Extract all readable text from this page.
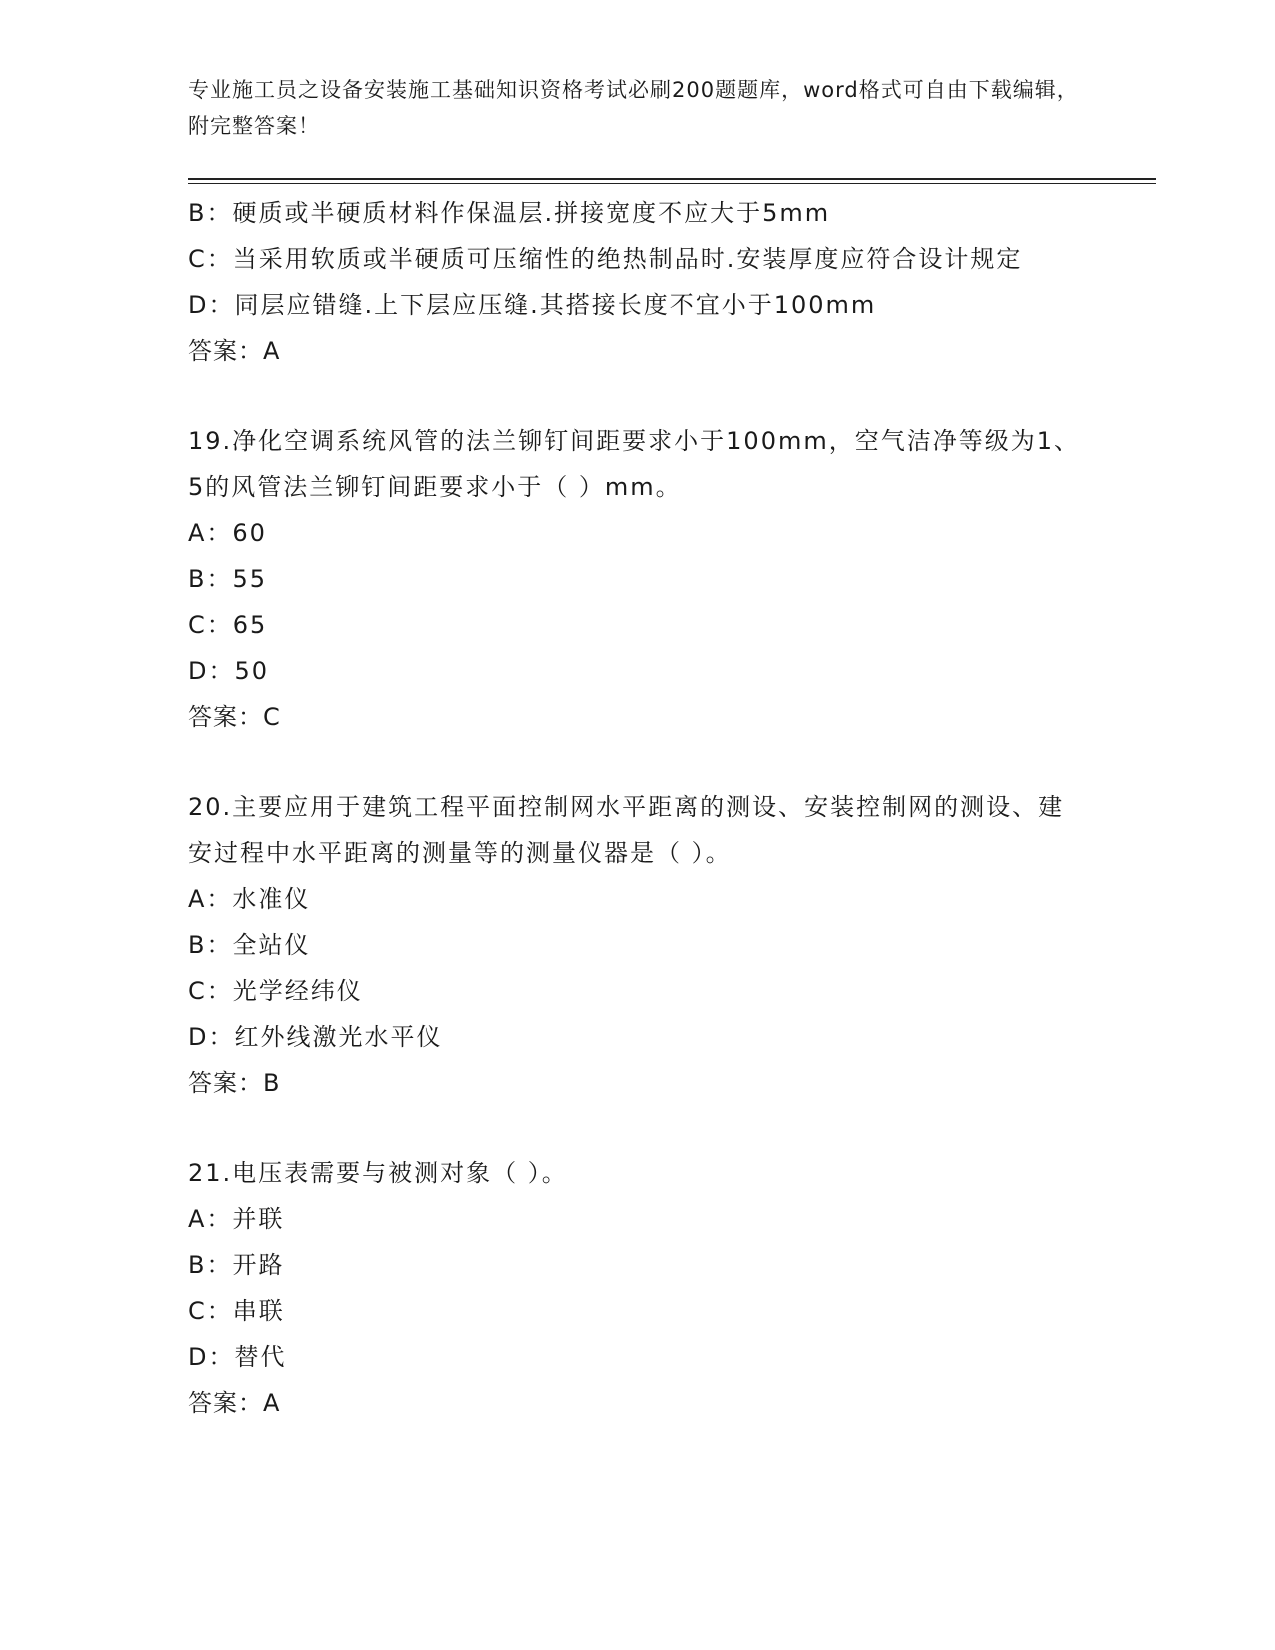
专业施工员之设备安装施工基础知识资格考试必刷200题题库，word格式可自由下载编辑，附完整答案！
B：硬质或半硬质材料作保温层.拼接宽度不应大于5mm
C：当采用软质或半硬质可压缩性的绝热制品时.安装厚度应符合设计规定
D：同层应错缝.上下层应压缝.其搭接长度不宜小于100mm
答案：A
19.净化空调系统风管的法兰铆钉间距要求小于100mm，空气洁净等级为1、5的风管法兰铆钉间距要求小于（ ）mm。
A：60
B：55
C：65
D：50
答案：C
20.主要应用于建筑工程平面控制网水平距离的测设、安装控制网的测设、建安过程中水平距离的测量等的测量仪器是（ ）。
A：水准仪
B：全站仪
C：光学经纬仪
D：红外线激光水平仪
答案：B
21.电压表需要与被测对象（ ）。
A：并联
B：开路
C：串联
D：替代
答案：A
